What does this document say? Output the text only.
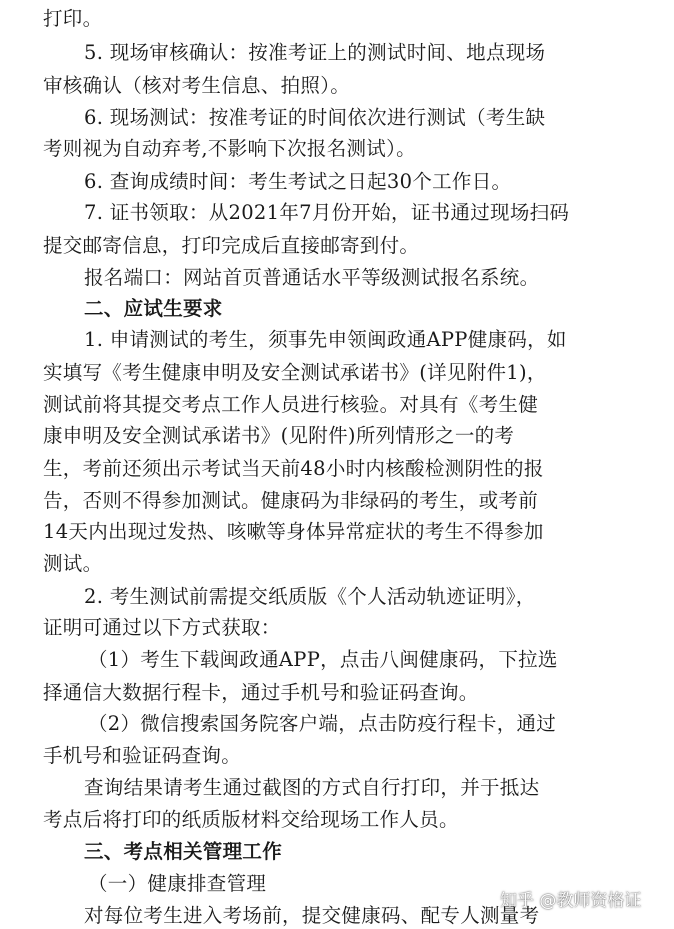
打印。
5. 现场审核确认：按准考证上的测试时间、地点现场
审核确认（核对考生信息、拍照）。
6. 现场测试：按准考证的时间依次进行测试（考生缺
考则视为自动弃考,不影响下次报名测试）。
6. 查询成绩时间：考生考试之日起30个工作日。
7. 证书领取：从2021年7月份开始，证书通过现场扫码
提交邮寄信息，打印完成后直接邮寄到付。
报名端口：网站首页普通话水平等级测试报名系统。
二、应试生要求
1. 申请测试的考生，须事先申领闽政通APP健康码，如
实填写《考生健康申明及安全测试承诺书》(详见附件1)，
测试前将其提交考点工作人员进行核验。对具有《考生健
康申明及安全测试承诺书》(见附件)所列情形之一的考
生，考前还须出示考试当天前48小时内核酸检测阴性的报
告，否则不得参加测试。健康码为非绿码的考生，或考前
14天内出现过发热、咳嗽等身体异常症状的考生不得参加
测试。
2. 考生测试前需提交纸质版《个人活动轨迹证明》，
证明可通过以下方式获取：
（1）考生下载闽政通APP，点击八闽健康码，下拉选
择通信大数据行程卡，通过手机号和验证码查询。
（2）微信搜索国务院客户端，点击防疫行程卡，通过
手机号和验证码查询。
查询结果请考生通过截图的方式自行打印，并于抵达
考点后将打印的纸质版材料交给现场工作人员。
三、考点相关管理工作
（一）健康排查管理
对每位考生进入考场前，提交健康码、配专人测量考
知乎 @教师资格证
